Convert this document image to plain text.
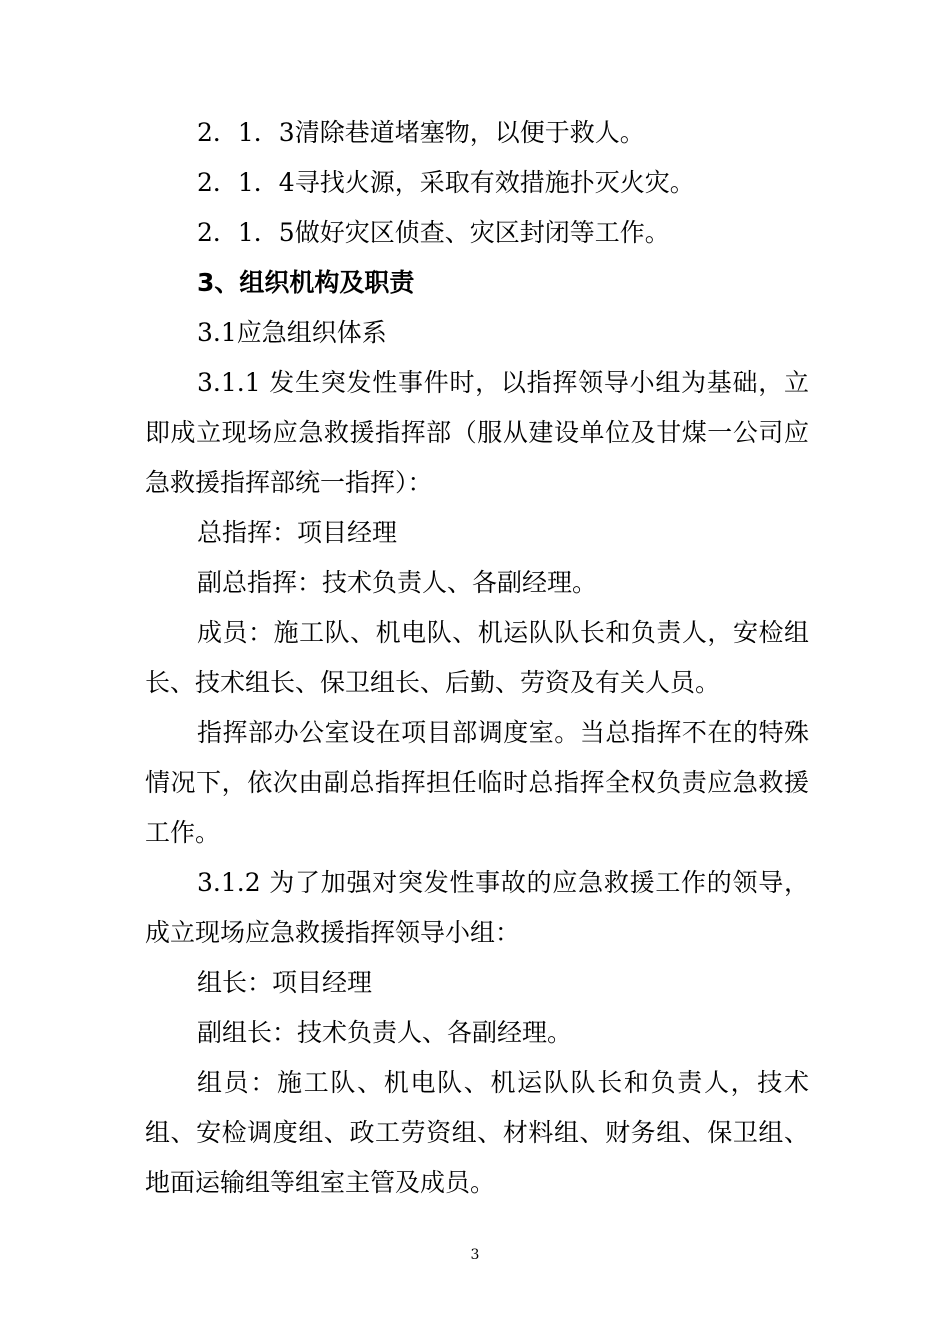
2．1．3清除巷道堵塞物，以便于救人。

2．1．4寻找火源，采取有效措施扑灭火灾。

2．1．5做好灾区侦查、灾区封闭等工作。

3、组织机构及职责

3.1应急组织体系

3.1.1 发生突发性事件时，以指挥领导小组为基础，立即成立现场应急救援指挥部（服从建设单位及甘煤一公司应急救援指挥部统一指挥）：

总指挥：项目经理

副总指挥：技术负责人、各副经理。

成员：施工队、机电队、机运队队长和负责人，安检组长、技术组长、保卫组长、后勤、劳资及有关人员。

指挥部办公室设在项目部调度室。当总指挥不在的特殊情况下，依次由副总指挥担任临时总指挥全权负责应急救援工作。

3.1.2 为了加强对突发性事故的应急救援工作的领导，成立现场应急救援指挥领导小组：

组长：项目经理

副组长：技术负责人、各副经理。

组员：施工队、机电队、机运队队长和负责人，技术组、安检调度组、政工劳资组、材料组、财务组、保卫组、地面运输组等组室主管及成员。

3
